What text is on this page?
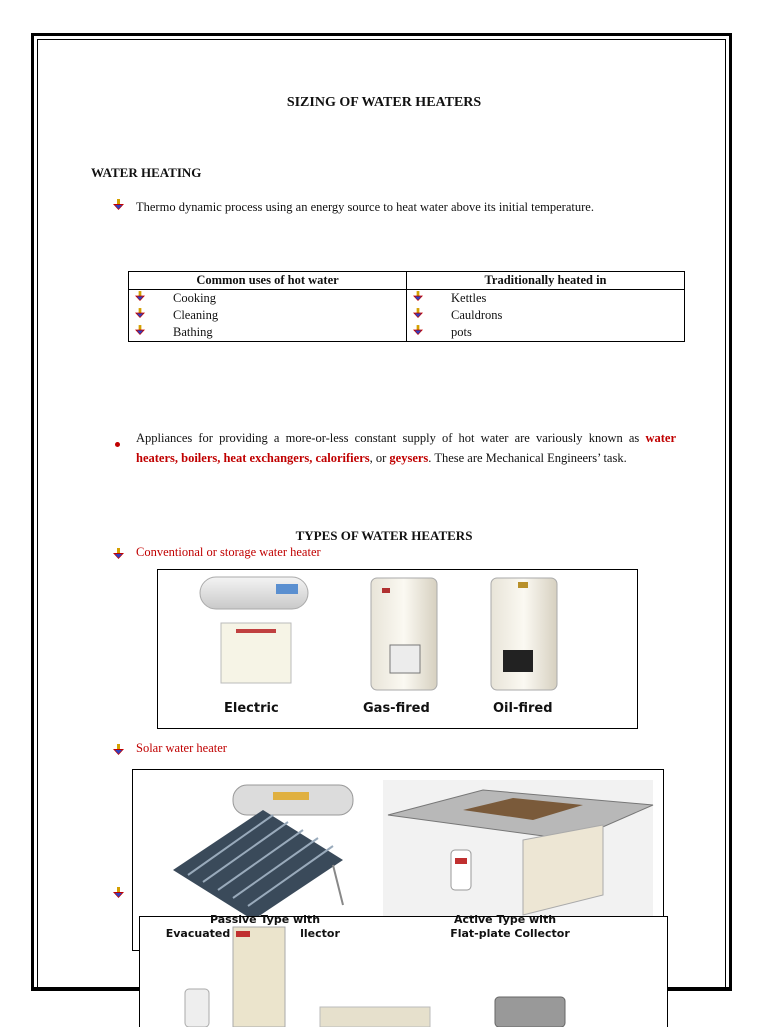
SIZING OF WATER HEATERS
WATER HEATING
Thermo dynamic process using an energy source to heat water above its initial temperature.
Common uses of hot water	Traditionally heated in

Cooking	Kettles

Cleaning	Cauldrons

Bathing	pots
Appliances for providing a more-or-less constant supply of hot water are variously known as water heaters, boilers, heat exchangers, calorifiers, or geysers. These are Mechanical Engineers’ task.
TYPES OF WATER HEATERS
Conventional or storage water heater
Electric	Gas-fired	Oil-fired
Solar water heater
Passive Type with
Evacuated	llector
Active Type with
Flat-plate Collector
